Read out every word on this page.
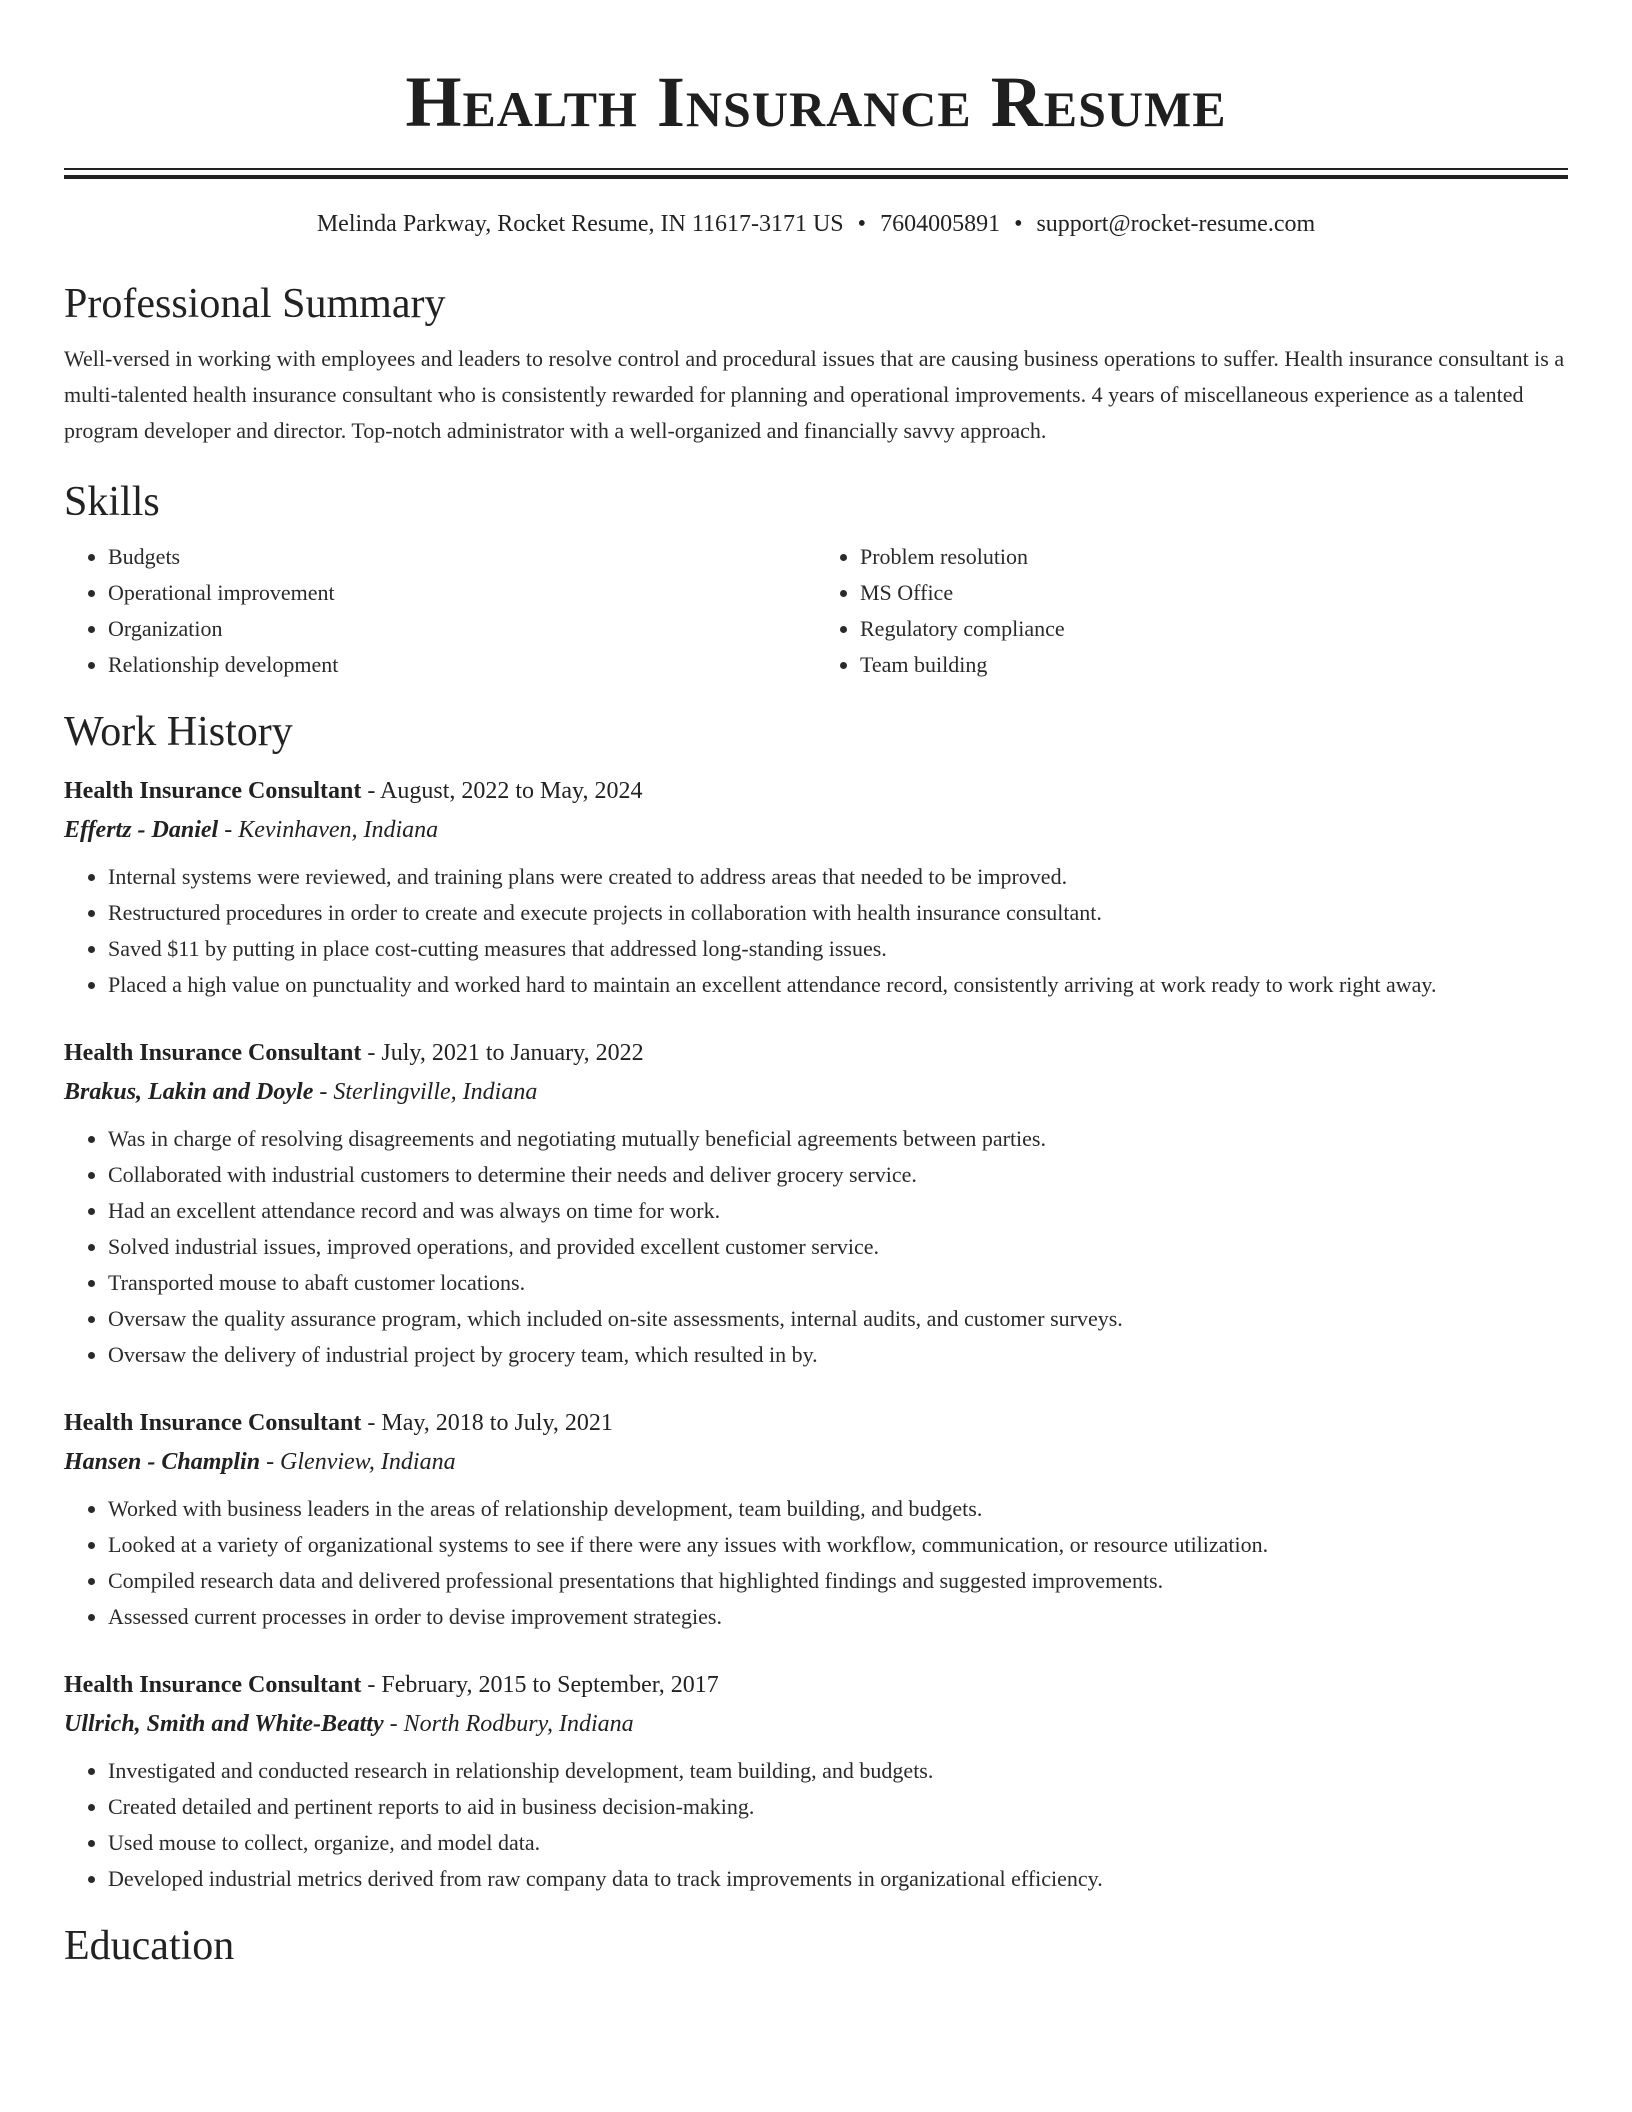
Health Insurance Resume
Melinda Parkway, Rocket Resume, IN 11617-3171 US • 7604005891 • support@rocket-resume.com
Professional Summary
Well-versed in working with employees and leaders to resolve control and procedural issues that are causing business operations to suffer. Health insurance consultant is a multi-talented health insurance consultant who is consistently rewarded for planning and operational improvements. 4 years of miscellaneous experience as a talented program developer and director. Top-notch administrator with a well-organized and financially savvy approach.
Skills
• Budgets
• Operational improvement
• Organization
• Relationship development
• Problem resolution
• MS Office
• Regulatory compliance
• Team building
Work History
Health Insurance Consultant - August, 2022 to May, 2024
Effertz - Daniel - Kevinhaven, Indiana
• Internal systems were reviewed, and training plans were created to address areas that needed to be improved.
• Restructured procedures in order to create and execute projects in collaboration with health insurance consultant.
• Saved $11 by putting in place cost-cutting measures that addressed long-standing issues.
• Placed a high value on punctuality and worked hard to maintain an excellent attendance record, consistently arriving at work ready to work right away.
Health Insurance Consultant - July, 2021 to January, 2022
Brakus, Lakin and Doyle - Sterlingville, Indiana
• Was in charge of resolving disagreements and negotiating mutually beneficial agreements between parties.
• Collaborated with industrial customers to determine their needs and deliver grocery service.
• Had an excellent attendance record and was always on time for work.
• Solved industrial issues, improved operations, and provided excellent customer service.
• Transported mouse to abaft customer locations.
• Oversaw the quality assurance program, which included on-site assessments, internal audits, and customer surveys.
• Oversaw the delivery of industrial project by grocery team, which resulted in by.
Health Insurance Consultant - May, 2018 to July, 2021
Hansen - Champlin - Glenview, Indiana
• Worked with business leaders in the areas of relationship development, team building, and budgets.
• Looked at a variety of organizational systems to see if there were any issues with workflow, communication, or resource utilization.
• Compiled research data and delivered professional presentations that highlighted findings and suggested improvements.
• Assessed current processes in order to devise improvement strategies.
Health Insurance Consultant - February, 2015 to September, 2017
Ullrich, Smith and White-Beatty - North Rodbury, Indiana
• Investigated and conducted research in relationship development, team building, and budgets.
• Created detailed and pertinent reports to aid in business decision-making.
• Used mouse to collect, organize, and model data.
• Developed industrial metrics derived from raw company data to track improvements in organizational efficiency.
Education
